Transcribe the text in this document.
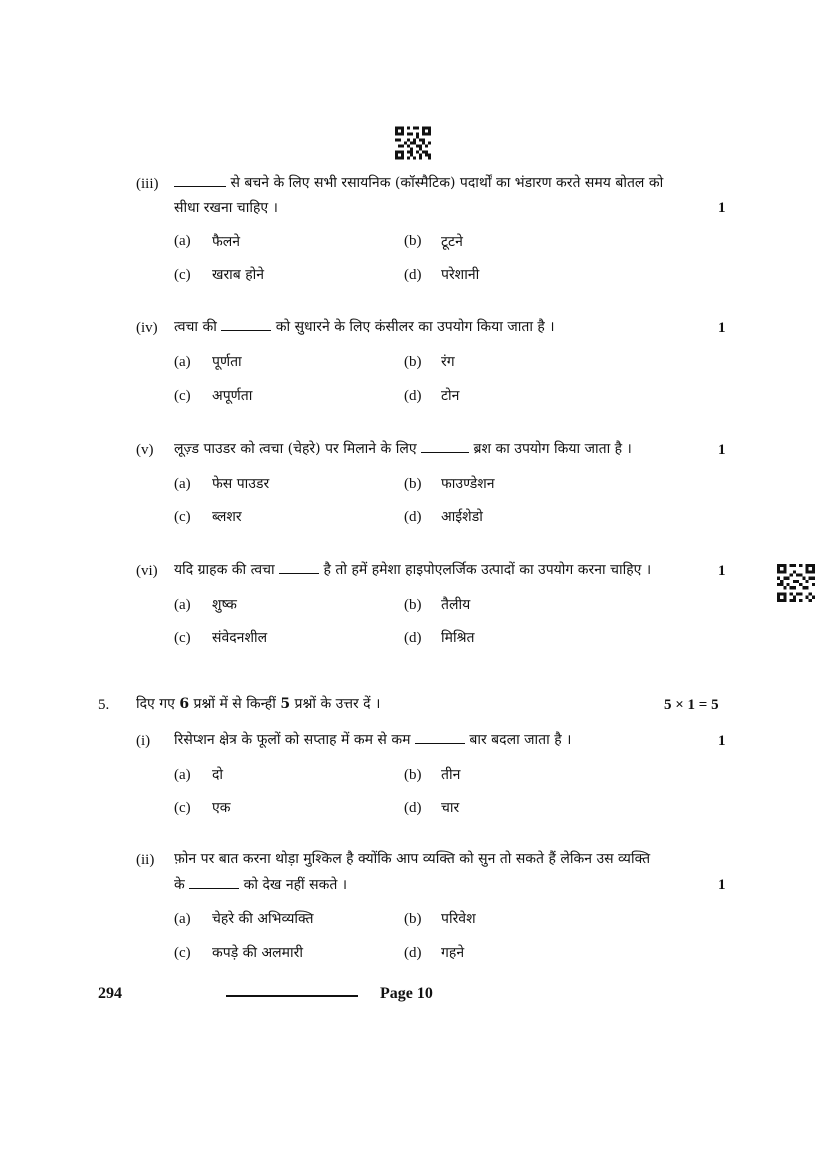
(iii)	से बचने के लिए सभी रसायनिक (कॉस्मैटिक) पदार्थों का भंडारण करते समय बोतल को
सीधा रखना चाहिए ।	1
(a) फैलने	(b) टूटने
(c) खराब होने	(d) परेशानी
(iv) त्वचा की	को सुधारने के लिए कंसीलर का उपयोग किया जाता है ।	1
(a) पूर्णता	(b) रंग
(c) अपूर्णता	(d) टोन
(v) लूज़्ड पाउडर को त्वचा (चेहरे) पर मिलाने के लिए	ब्रश का उपयोग किया जाता है ।	1
(a) फेस पाउडर	(b) फाउण्डेशन
(c) ब्लशर	(d) आईशेडो
(vi) यदि ग्राहक की त्वचा	है तो हमें हमेशा हाइपोएलर्जिक उत्पादों का उपयोग करना चाहिए ।	1
(a) शुष्क	(b) तैलीय
(c) संवेदनशील	(d) मिश्रित
5. दिए गए 6 प्रश्नों में से किन्हीं 5 प्रश्नों के उत्तर दें ।	5 × 1 = 5
(i) रिसेप्शन क्षेत्र के फूलों को सप्ताह में कम से कम	बार बदला जाता है ।	1
(a) दो	(b) तीन
(c) एक	(d) चार
(ii) फ़ोन पर बात करना थोड़ा मुश्किल है क्योंकि आप व्यक्ति को सुन तो सकते हैं लेकिन उस व्यक्ति
के	को देख नहीं सकते ।	1
(a) चेहरे की अभिव्यक्ति	(b) परिवेश
(c) कपड़े की अलमारी	(d) गहने
294	Page 10
